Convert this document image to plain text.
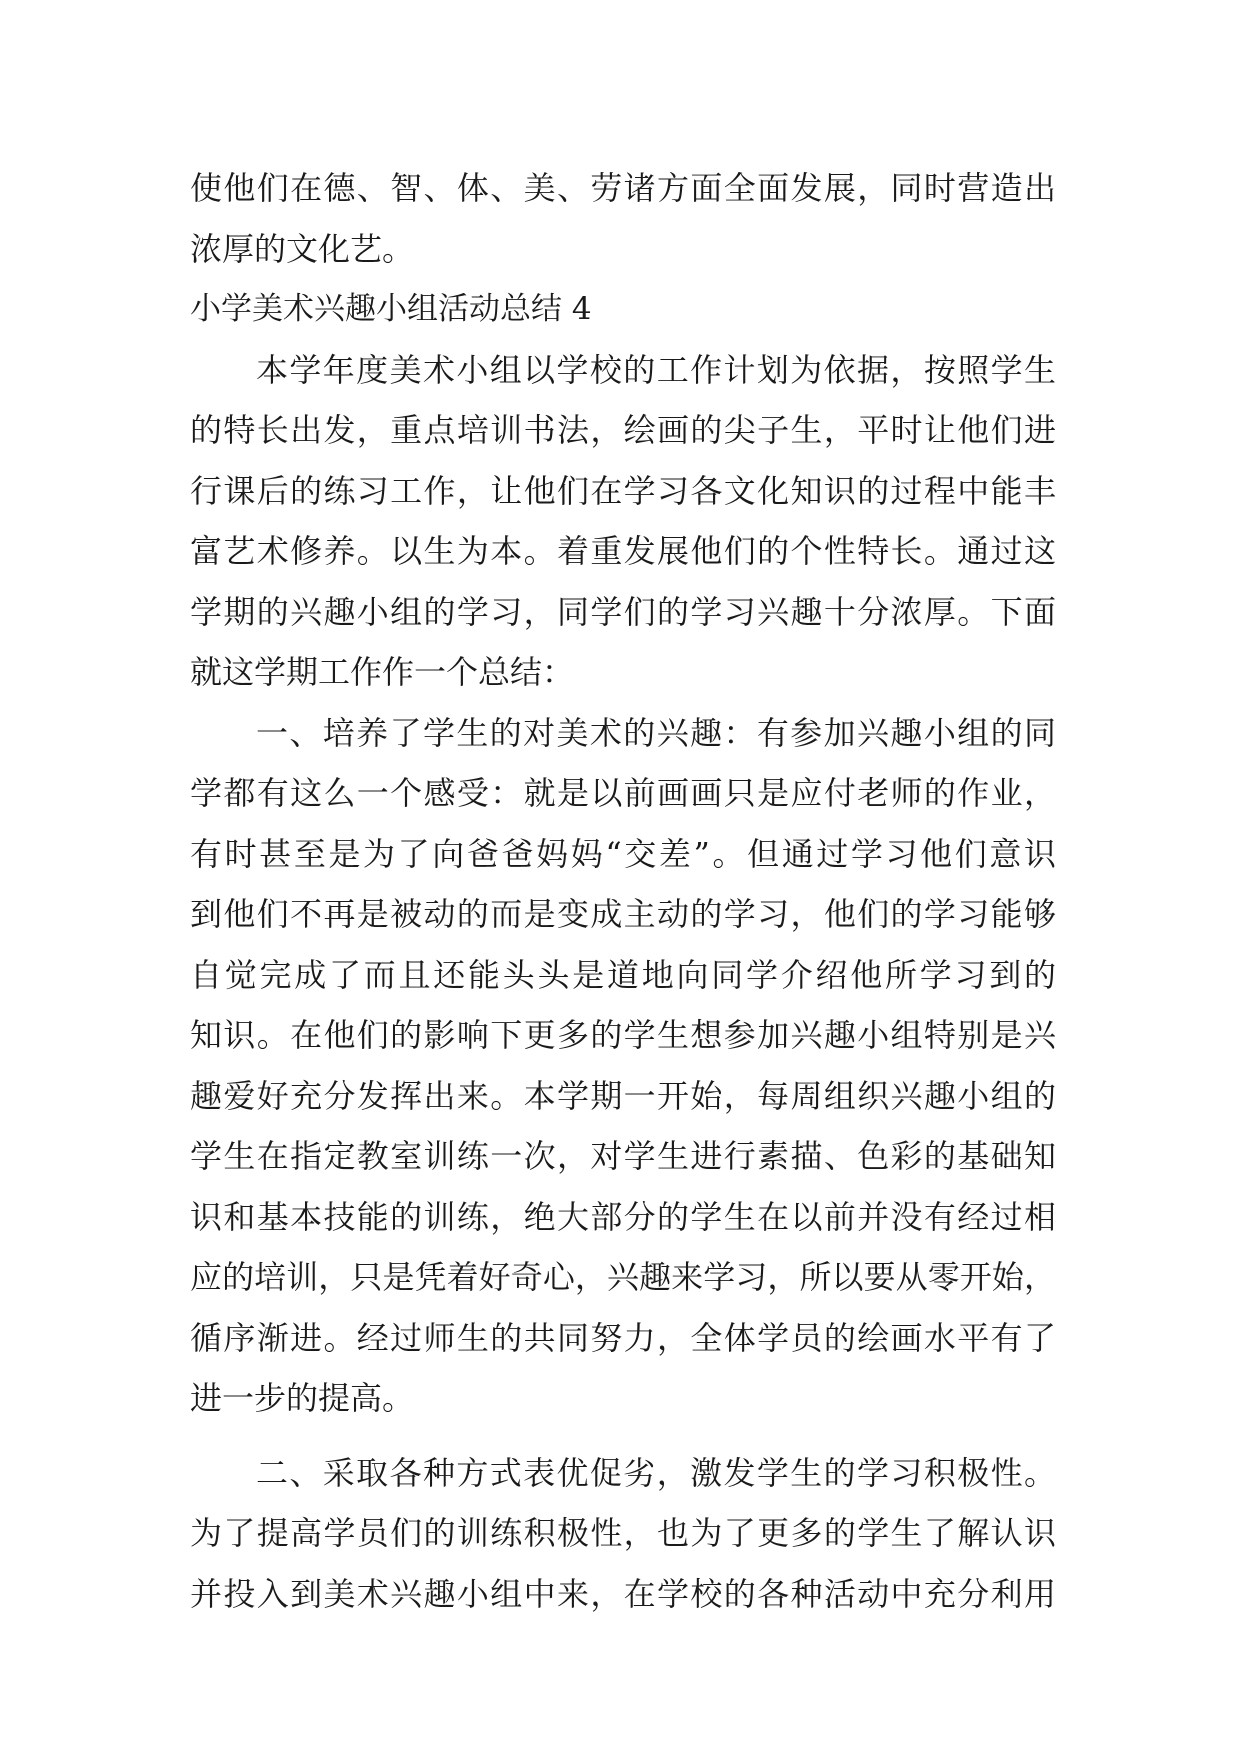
使他们在德、智、体、美、劳诸方面全面发展，同时营造出
浓厚的文化艺。
小学美术兴趣小组活动总结 4
本学年度美术小组以学校的工作计划为依据，按照学生
的特长出发，重点培训书法，绘画的尖子生，平时让他们进
行课后的练习工作，让他们在学习各文化知识的过程中能丰
富艺术修养。以生为本。着重发展他们的个性特长。通过这
学期的兴趣小组的学习，同学们的学习兴趣十分浓厚。下面
就这学期工作作一个总结：
一、培养了学生的对美术的兴趣：有参加兴趣小组的同
学都有这么一个感受：就是以前画画只是应付老师的作业，
有时甚至是为了向爸爸妈妈“交差”。但通过学习他们意识
到他们不再是被动的而是变成主动的学习，他们的学习能够
自觉完成了而且还能头头是道地向同学介绍他所学习到的
知识。在他们的影响下更多的学生想参加兴趣小组特别是兴
趣爱好充分发挥出来。本学期一开始，每周组织兴趣小组的
学生在指定教室训练一次，对学生进行素描、色彩的基础知
识和基本技能的训练，绝大部分的学生在以前并没有经过相
应的培训，只是凭着好奇心，兴趣来学习，所以要从零开始，
循序渐进。经过师生的共同努力，全体学员的绘画水平有了
进一步的提高。
二、采取各种方式表优促劣，激发学生的学习积极性。
为了提高学员们的训练积极性，也为了更多的学生了解认识
并投入到美术兴趣小组中来，在学校的各种活动中充分利用
